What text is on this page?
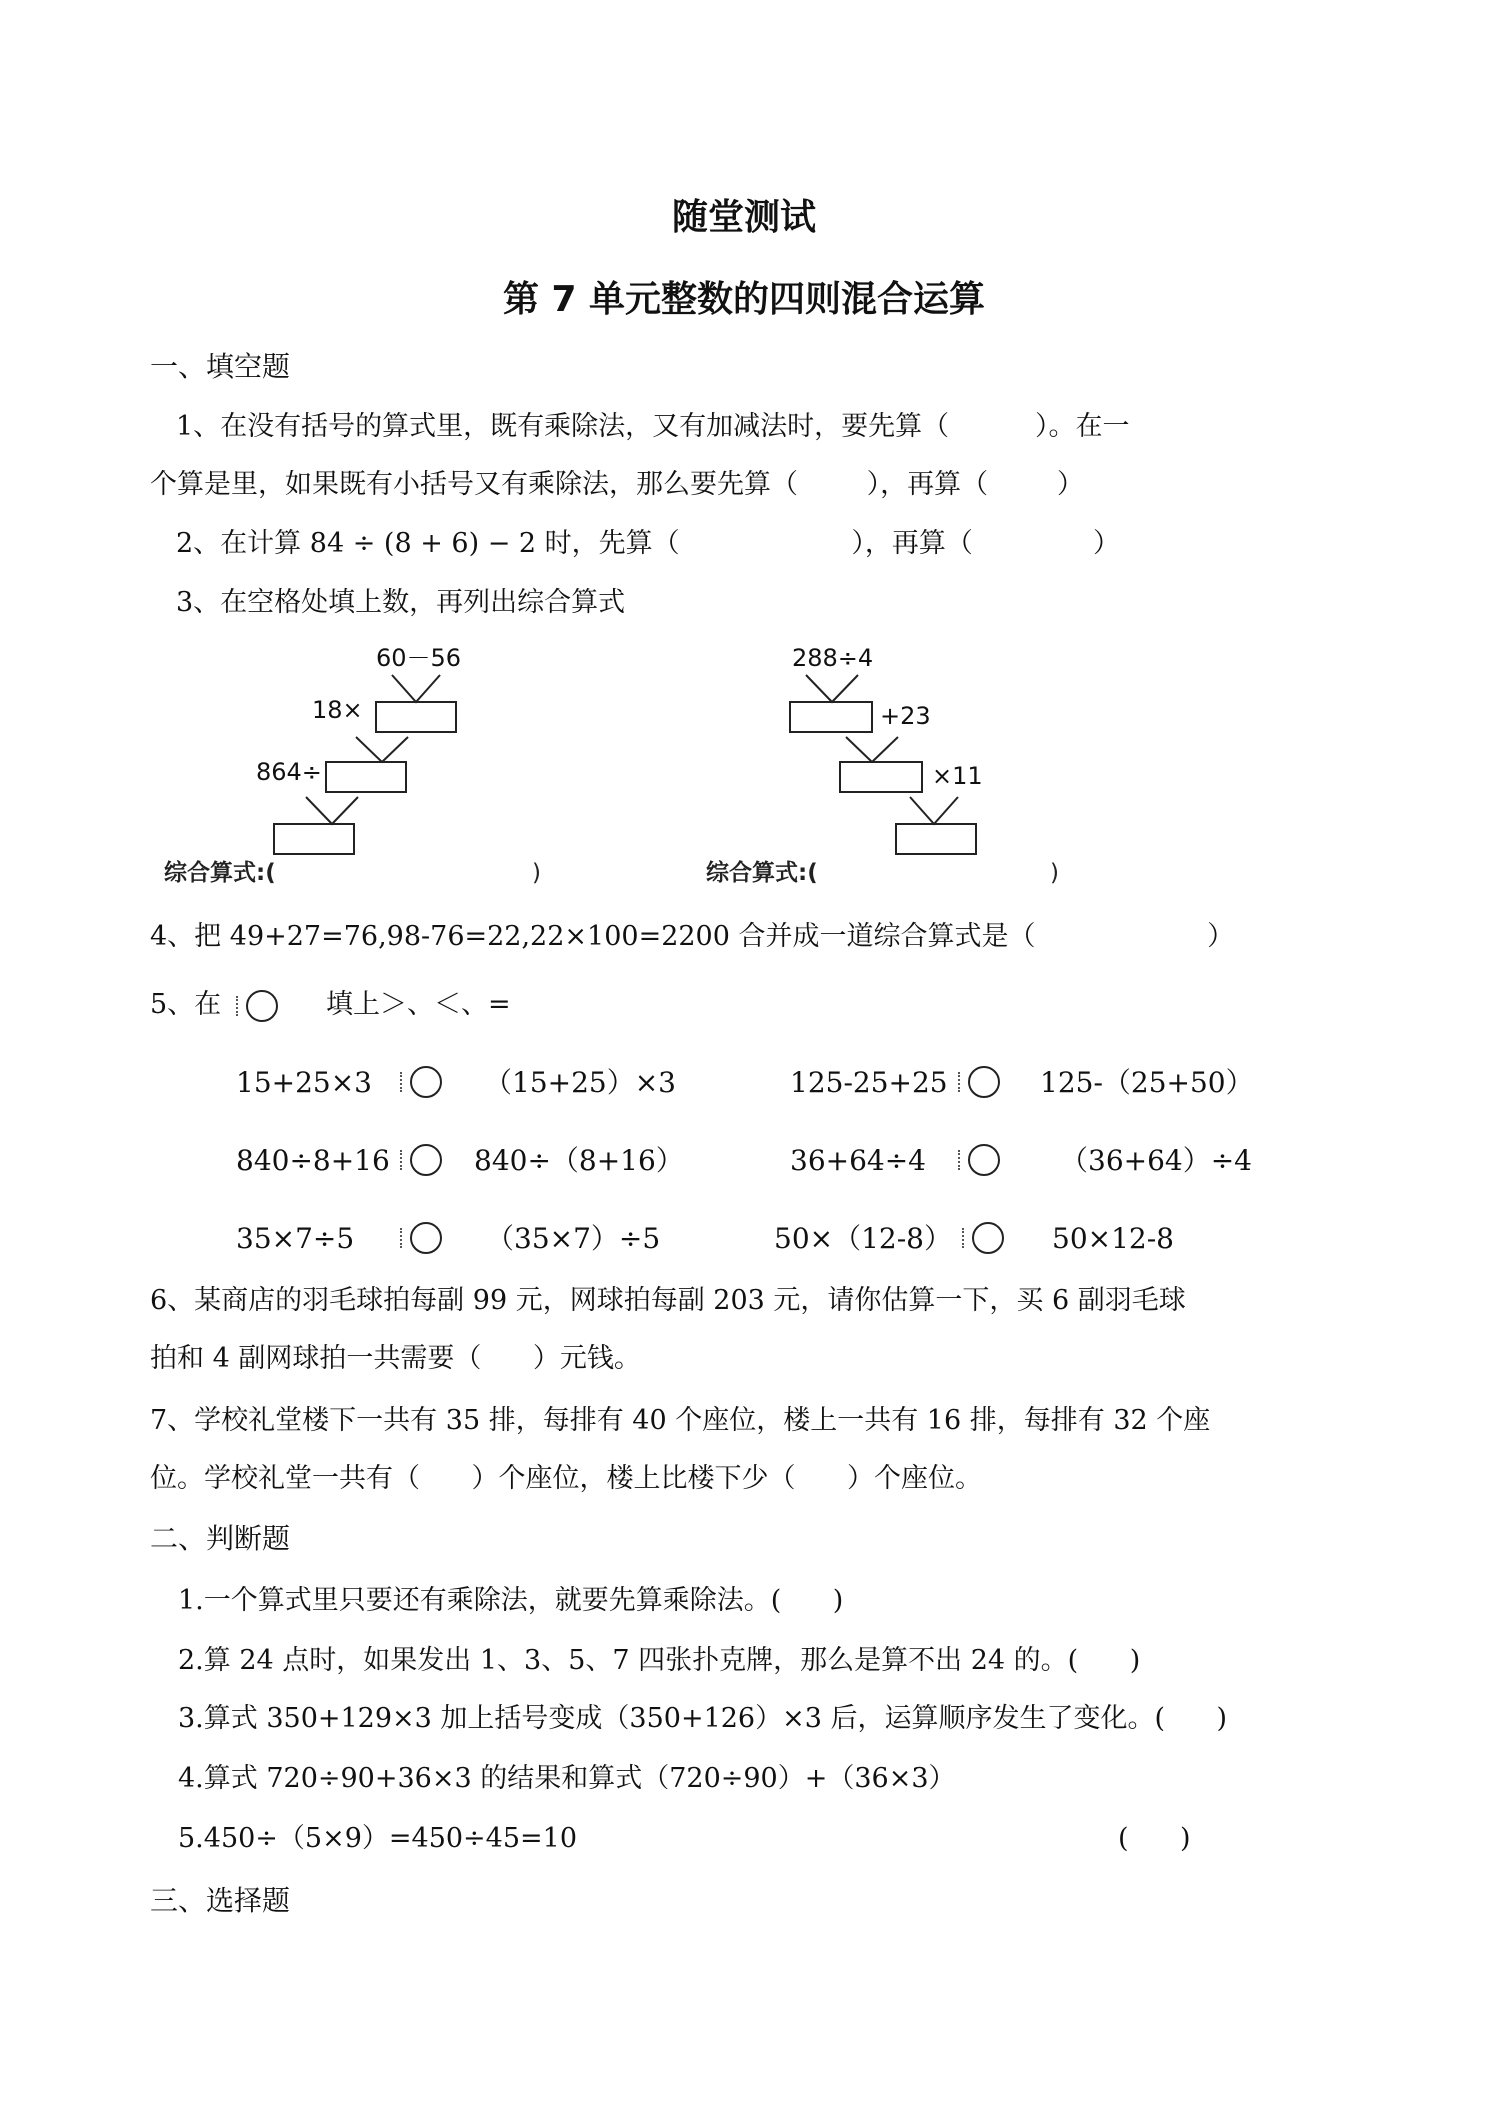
随堂测试
第 7 单元整数的四则混合运算
一、填空题
1、在没有括号的算式里，既有乘除法，又有加减法时，要先算（          ）。在一
个算是里，如果既有小括号又有乘除法，那么要先算（        ），再算（        ）
2、在计算 84 ÷ (8 + 6) − 2 时，先算（                    ），再算（              ）
3、在空格处填上数，再列出综合算式
60－56
18×
864÷
综合算式:(	)
288÷4
+23
×11
综合算式:(	)
4、把 49+27=76,98-76=22,22×100=2200 合并成一道综合算式是（                    ）
5、在	填上＞、＜、=
15+25×3	（15+25）×3	125-25+25	125-（25+50）
840÷8+16	840÷（8+16）	36+64÷4	（36+64）÷4
35×7÷5	（35×7）÷5	50×（12-8）	50×12-8
6、某商店的羽毛球拍每副 99 元，网球拍每副 203 元，请你估算一下，买 6 副羽毛球
拍和 4 副网球拍一共需要（      ）元钱。
7、学校礼堂楼下一共有 35 排，每排有 40 个座位，楼上一共有 16 排，每排有 32 个座
位。学校礼堂一共有（      ）个座位，楼上比楼下少（      ）个座位。
二、判断题
1.一个算式里只要还有乘除法，就要先算乘除法。(      )
2.算 24 点时，如果发出 1、3、5、7 四张扑克牌，那么是算不出 24 的。(      )
3.算式 350+129×3 加上括号变成（350+126）×3 后，运算顺序发生了变化。(      )
4.算式 720÷90+36×3 的结果和算式（720÷90）+（36×3）
5.450÷（5×9）=450÷45=10	(      )
三、选择题
